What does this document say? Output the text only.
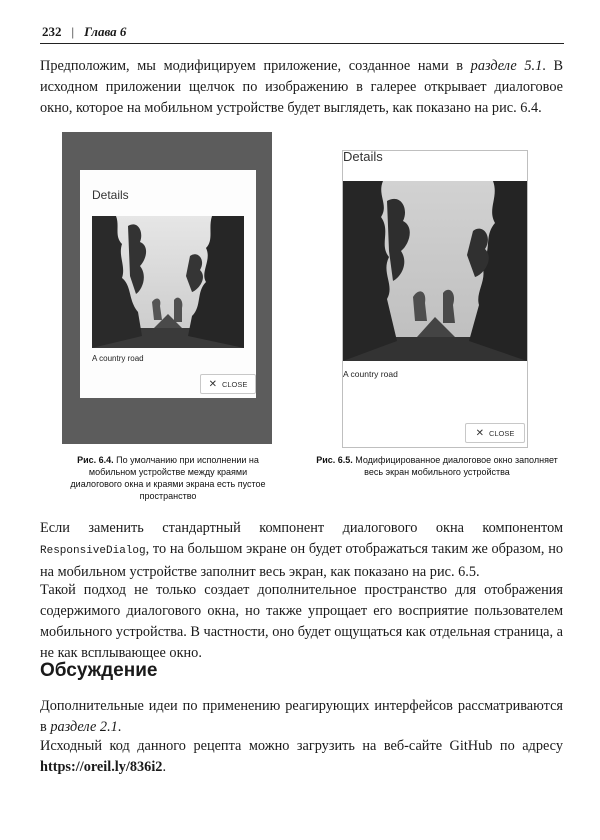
232 | Глава 6

Предположим, мы модифицируем приложение, созданное нами в разделе 5.1. В исходном приложении щелчок по изображению в галерее открывает диалоговое окно, которое на мобильном устройстве будет выглядеть, как показано на рис. 6.4.

Details
A country road
✕ CLOSE
Details
A country road
✕ CLOSE
Рис. 6.4. По умолчанию при исполнении на мобильном устройстве между краями диалогового окна и краями экрана есть пустое пространство
Рис. 6.5. Модифицированное диалоговое окно заполняет весь экран мобильного устройства

Если заменить стандартный компонент диалогового окна компонентом ResponsiveDialog, то на большом экране он будет отображаться таким же образом, но на мобильном устройстве заполнит весь экран, как показано на рис. 6.5.

Такой подход не только создает дополнительное пространство для отображения содержимого диалогового окна, но также упрощает его восприятие пользователем мобильного устройства. В частности, оно будет ощущаться как отдельная страница, а не как всплывающее окно.

Обсуждение

Дополнительные идеи по применению реагирующих интерфейсов рассматриваются в разделе 2.1.

Исходный код данного рецепта можно загрузить на веб-сайте GitHub по адресу https://oreil.ly/836i2.
